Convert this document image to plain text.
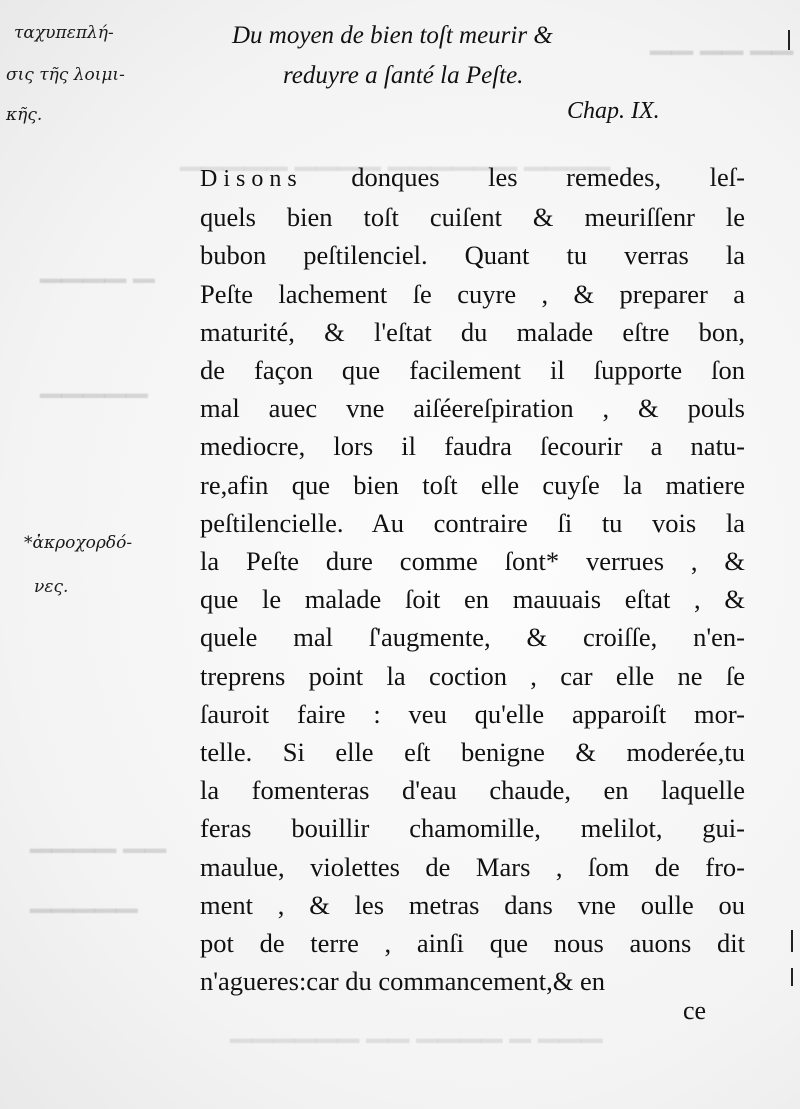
▁▁ ▁▁ ▁▁
▁▁▁▁▁ ▁▁▁▁ ▁▁▁▁▁▁ ▁▁▁▁
▁▁▁▁ ▁
▁▁▁▁▁
▁▁▁▁ ▁▁
▁▁▁▁▁
▁▁▁▁▁▁ ▁▁ ▁▁▁▁ ▁ ▁▁▁
ταχυπεπλή-
σις τῆς λοιμι-
κῆς.
*ἀκροχορδό-
νες.
Du moyen de bien toſt meurir &
reduyre a ſanté la Peſte.
Chap. IX.
Disons donques les remedes, leſ-
quels bien toſt cuiſent & meuriſſenr le
bubon peſtilenciel. Quant tu verras la
Peſte lachement ſe cuyre , & preparer a
maturité, & l'eſtat du malade eſtre bon,
de façon que facilement il ſupporte ſon
mal auec vne aiſéereſpiration , & pouls
mediocre, lors il faudra ſecourir a natu-
re,afin que bien toſt elle cuyſe la matiere
peſtilencielle. Au contraire ſi tu vois la
la Peſte dure comme ſont* verrues , &
que le malade ſoit en mauuais eſtat , &
quele mal ſ'augmente, & croiſſe, n'en-
treprens point la coction , car elle ne ſe
ſauroit faire : veu qu'elle apparoiſt mor-
telle. Si elle eſt benigne & moderée,tu
la fomenteras d'eau chaude, en laquelle
feras bouillir chamomille, melilot, gui-
maulue, violettes de Mars , ſom de fro-
ment , & les metras dans vne oulle ou
pot de terre , ainſi que nous auons dit
n'agueres:car du commancement,& en
ce
